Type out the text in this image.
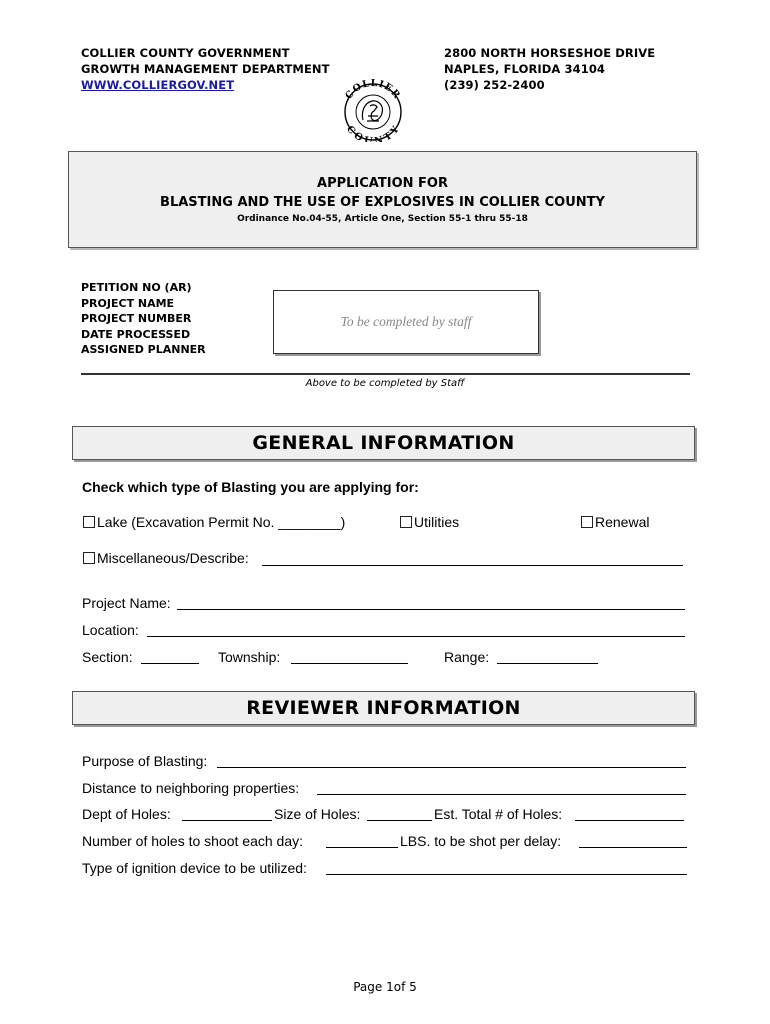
COLLIER COUNTY GOVERNMENT
GROWTH MANAGEMENT DEPARTMENT
WWW.COLLIERGOV.NET
COLLIER
COUNTY
2800 NORTH HORSESHOE DRIVE
NAPLES, FLORIDA 34104
(239) 252-2400
APPLICATION FOR
BLASTING AND THE USE OF EXPLOSIVES IN COLLIER COUNTY
Ordinance No.04-55, Article One, Section 55-1 thru 55-18
PETITION NO (AR)
PROJECT NAME
PROJECT NUMBER
DATE PROCESSED
ASSIGNED PLANNER
To be completed by staff
Above to be completed by Staff
GENERAL INFORMATION
Check which type of Blasting you are applying for:
Lake (Excavation Permit No. ________)	Utilities	Renewal
Miscellaneous/Describe:
Project Name:
Location:
Section:	Township:	Range:
REVIEWER INFORMATION
Purpose of Blasting:
Distance to neighboring properties:
Dept of Holes:	Size of Holes:	Est. Total # of Holes:
Number of holes to shoot each day:	LBS. to be shot per delay:
Type of ignition device to be utilized:
Page 1of 5
